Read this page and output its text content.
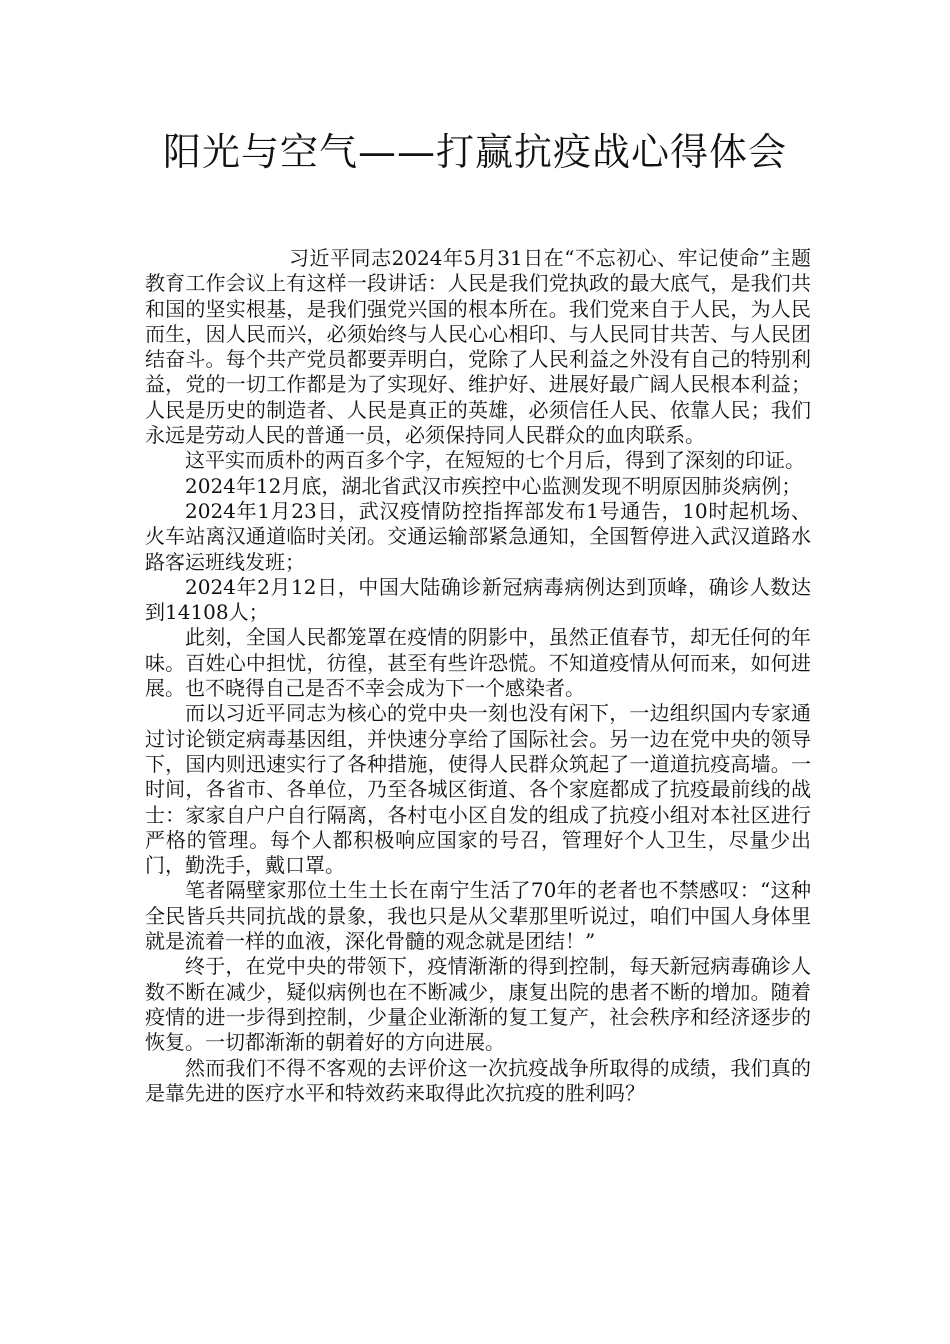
阳光与空气——打赢抗疫战心得体会

习近平同志2024年5月31日在“不忘初心、牢记使命”主题教育工作会议上有这样一段讲话：人民是我们党执政的最大底气，是我们共和国的坚实根基，是我们强党兴国的根本所在。我们党来自于人民，为人民而生，因人民而兴，必须始终与人民心心相印、与人民同甘共苦、与人民团结奋斗。每个共产党员都要弄明白，党除了人民利益之外没有自己的特别利益，党的一切工作都是为了实现好、维护好、进展好最广阔人民根本利益；人民是历史的制造者、人民是真正的英雄，必须信任人民、依靠人民；我们永远是劳动人民的普通一员，必须保持同人民群众的血肉联系。

这平实而质朴的两百多个字，在短短的七个月后，得到了深刻的印证。

2024年12月底，湖北省武汉市疾控中心监测发现不明原因肺炎病例；

2024年1月23日，武汉疫情防控指挥部发布1号通告，10时起机场、火车站离汉通道临时关闭。交通运输部紧急通知，全国暂停进入武汉道路水路客运班线发班；

2024年2月12日，中国大陆确诊新冠病毒病例达到顶峰，确诊人数达到14108人；

此刻，全国人民都笼罩在疫情的阴影中，虽然正值春节，却无任何的年味。百姓心中担忧，彷徨，甚至有些许恐慌。不知道疫情从何而来，如何进展。也不晓得自己是否不幸会成为下一个感染者。

而以习近平同志为核心的党中央一刻也没有闲下，一边组织国内专家通过讨论锁定病毒基因组，并快速分享给了国际社会。另一边在党中央的领导下，国内则迅速实行了各种措施，使得人民群众筑起了一道道抗疫高墙。一时间，各省市、各单位，乃至各城区街道、各个家庭都成了抗疫最前线的战士：家家自户户自行隔离，各村屯小区自发的组成了抗疫小组对本社区进行严格的管理。每个人都积极响应国家的号召，管理好个人卫生，尽量少出门，勤洗手，戴口罩。

笔者隔壁家那位土生土长在南宁生活了70年的老者也不禁感叹：“这种全民皆兵共同抗战的景象，我也只是从父辈那里听说过，咱们中国人身体里就是流着一样的血液，深化骨髓的观念就是团结！”

终于，在党中央的带领下，疫情渐渐的得到控制，每天新冠病毒确诊人数不断在减少，疑似病例也在不断减少，康复出院的患者不断的增加。随着疫情的进一步得到控制，少量企业渐渐的复工复产，社会秩序和经济逐步的恢复。一切都渐渐的朝着好的方向进展。

然而我们不得不客观的去评价这一次抗疫战争所取得的成绩，我们真的是靠先进的医疗水平和特效药来取得此次抗疫的胜利吗？
